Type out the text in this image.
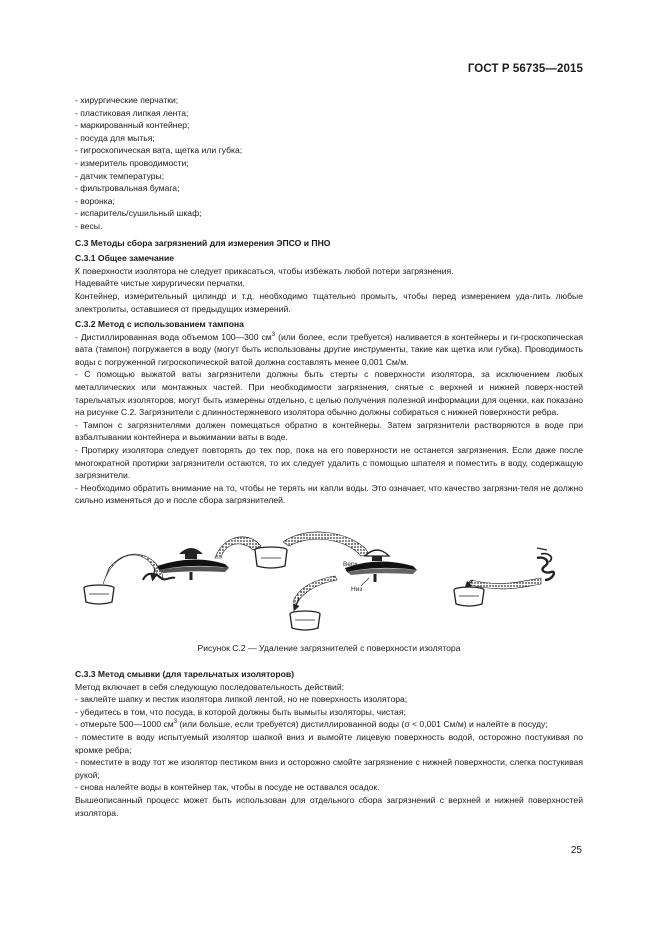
ГОСТ Р 56735—2015
- хирургические перчатки;
- пластиковая липкая лента;
- маркированный контейнер;
- посуда для мытья;
- гигроскопическая вата, щетка или губка;
- измеритель проводимости;
- датчик температуры;
- фильтровальная бумага;
- воронка;
- испаритель/сушильный шкаф;
- весы.
С.3 Методы сбора загрязнений для измерения ЭПСО и ПНО
С.3.1 Общее замечание
К поверхности изолятора не следует прикасаться, чтобы избежать любой потери загрязнения.
Надевайте чистые хирургически перчатки.
Контейнер, измерительный цилиндр и т.д. необходимо тщательно промыть, чтобы перед измерением уда-лить любые электролиты, оставшиеся от предыдущих измерений.
С.3.2 Метод с использованием тампона
- Дистиллированная вода объемом 100—300 $см^3$ (или более, если требуется) наливается в контейнеры и ги-гроскопическая вата (тампон) погружается в воду (могут быть использованы другие инструменты, такие как щетка или губка). Проводимость воды с погруженной гигроскопической ватой должна составлять менее 0,001 См/м.
- С помощью выжатой ваты загрязнители должны быть стерты с поверхности изолятора, за исключением любых металлических или монтажных частей. При необходимости загрязнения, снятые с верхней и нижней поверх-ностей тарельчатых изоляторов, могут быть измерены отдельно, с целью получения полезной информации для оценки, как показано на рисунке С.2. Загрязнители с длинностержневого изолятора обычно должны собираться с нижней поверхности ребра.
- Тампон с загрязнителями должен помещаться обратно в контейнеры. Затем загрязнители растворяются в воде при взбалтывании контейнера и выжимании ваты в воде.
- Протирку изолятора следует повторять до тех пор, пока на его поверхности не останется загрязнения. Если даже после многократной протирки загрязнители остаются, то их следует удалить с помощью шпателя и поместить в воду, содержащую загрязнители.
- Необходимо обратить внимание на то, чтобы не терять ни капли воды. Это означает, что качество загрязни-теля не должно сильно изменяться до и после сбора загрязнителей.
Верх
Низ
Рисунок С.2 — Удаление загрязнителей с поверхности изолятора
С.3.3 Метод смывки (для тарельчатых изоляторов)
Метод включает в себя следующую последовательность действий:
- заклейте шапку и пестик изолятора липкой лентой, но не поверхность изолятора;
- убедитесь в том, что посуда, в которой должны быть вымыты изоляторы, чистая;
- отмерьте 500—1000 $см^3$ (или больше, если требуется) дистиллированной воды (σ < 0,001 См/м) и налейте в посуду;
- поместите в воду испытуемый изолятор шапкой вниз и вымойте лицевую поверхность водой, осторожно постукивая по кромке ребра;
- поместите в воду тот же изолятор пестиком вниз и осторожно смойте загрязнение с нижней поверхности, слегка постукивая рукой;
- снова налейте воды в контейнер так, чтобы в посуде не оставался осадок.
Вышеописанный процесс может быть использован для отдельного сбора загрязнений с верхней и нижней поверхностей изолятора.
25
